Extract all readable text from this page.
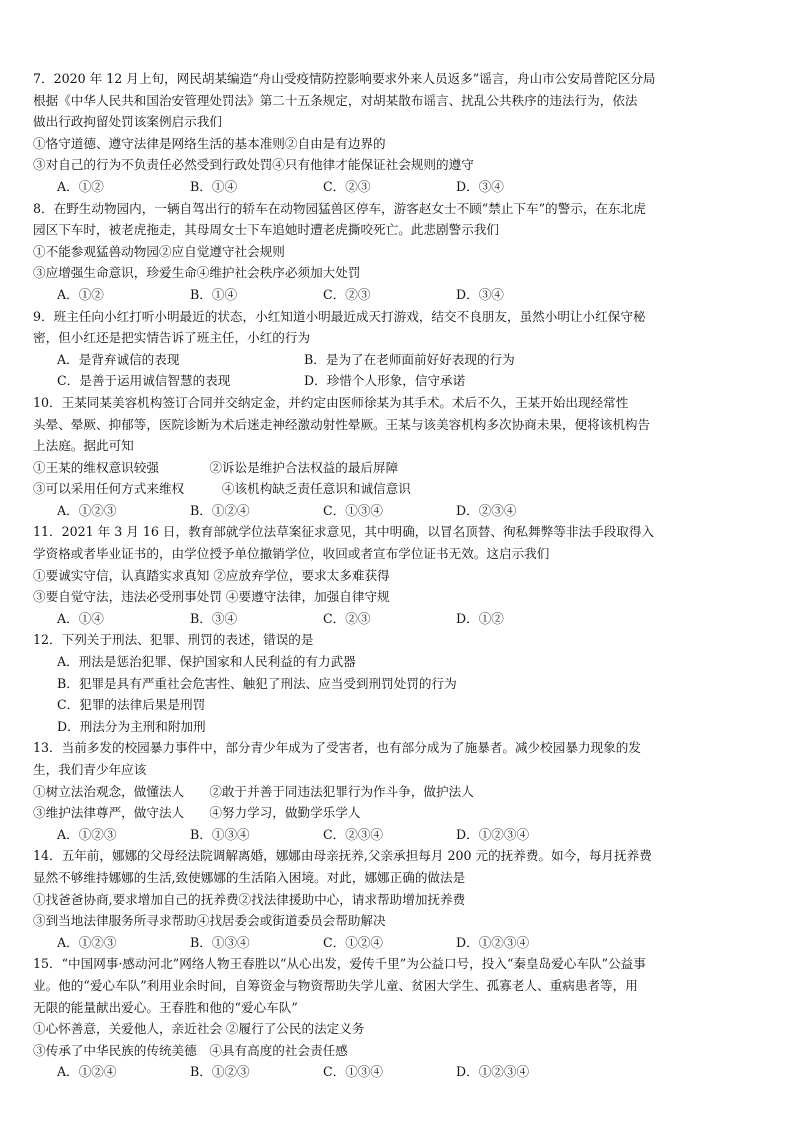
7．2020 年 12 月上旬，网民胡某编造“舟山受疫情防控影响要求外来人员返多”谣言，舟山市公安局普陀区分局
根据《中华人民共和国治安管理处罚法》第二十五条规定，对胡某散布谣言、扰乱公共秩序的违法行为，依法
做出行政拘留处罚该案例启示我们
①恪守道德、遵守法律是网络生活的基本准则②自由是有边界的
③对自己的行为不负责任必然受到行政处罚④只有他律才能保证社会规则的遵守
A．①②	B．①④	C．②③	D．③④
8．在野生动物园内，一辆自驾出行的轿车在动物园猛兽区停车，游客赵女士不顾“禁止下车”的警示，在东北虎
园区下车时，被老虎拖走，其母周女士下车追她时遭老虎撕咬死亡。此悲剧警示我们
①不能参观猛兽动物园②应自觉遵守社会规则
③应增强生命意识，珍爱生命④维护社会秩序必须加大处罚
A．①②	B．①④	C．②③	D．③④
9．班主任向小红打听小明最近的状态，小红知道小明最近成天打游戏，结交不良朋友，虽然小明让小红保守秘
密，但小红还是把实情告诉了班主任，小红的行为
A．是背弃诚信的表现	B．是为了在老师面前好好表现的行为
C．是善于运用诚信智慧的表现	D．珍惜个人形象，信守承诺
10．王某同某美容机构签订合同并交纳定金，并约定由医师徐某为其手术。术后不久，王某开始出现经常性
头晕、晕厥、抑郁等，医院诊断为术后迷走神经激动射性晕厥。王某与该美容机构多次协商未果，便将该机构告
上法庭。据此可知
①王某的维权意识较强　　　　②诉讼是维护合法权益的最后屏障
③可以采用任何方式来维权　　　④该机构缺乏责任意识和诚信意识
A．①②③	B．①②④	C．①③④	D．②③④
11．2021 年 3 月 16 日，教育部就学位法草案征求意见，其中明确，以冒名顶替、徇私舞弊等非法手段取得入
学资格或者毕业证书的，由学位授予单位撤销学位，收回或者宣布学位证书无效。这启示我们
①要诚实守信，认真踏实求真知 ②应放弃学位，要求太多难获得
③要自觉守法，违法必受刑事处罚 ④要遵守法律，加强自律守规
A．①④	B．③④	C．②③	D．①②
12．下列关于刑法、犯罪、刑罚的表述，错误的是
A．刑法是惩治犯罪、保护国家和人民利益的有力武器
B．犯罪是具有严重社会危害性、触犯了刑法、应当受到刑罚处罚的行为
C．犯罪的法律后果是刑罚
D．刑法分为主刑和附加刑
13．当前多发的校园暴力事件中，部分青少年成为了受害者，也有部分成为了施暴者。减少校园暴力现象的发
生，我们青少年应该
①树立法治观念，做懂法人　　②敢于并善于同违法犯罪行为作斗争，做护法人
③维护法律尊严，做守法人　　④努力学习，做勤学乐学人
A．①②③	B．①③④	C．②③④	D．①②③④
14．五年前，娜娜的父母经法院调解离婚，娜娜由母亲抚养,父亲承担每月 200 元的抚养费。如今，每月抚养费
显然不够维持娜娜的生活,致使娜娜的生活陷入困境。对此，娜娜正确的做法是
①找爸爸协商,要求增加自己的抚养费②找法律援助中心，请求帮助增加抚养费
③到当地法律服务所寻求帮助④找居委会或街道委员会帮助解决
A．①②③	B．①③④	C．①②④	D．①②③④
15．“中国网事·感动河北”网络人物王春胜以“从心出发，爱传千里”为公益口号，投入“秦皇岛爱心车队”公益事
业。他的“爱心车队”利用业余时间，自筹资金与物资帮助失学儿童、贫困大学生、孤寡老人、重病患者等，用
无限的能量献出爱心。王春胜和他的“爱心车队”
①心怀善意，关爱他人，亲近社会 ②履行了公民的法定义务
③传承了中华民族的传统美德　④具有高度的社会责任感
A．①②④	B．①②③	C．①③④	D．①②③④
